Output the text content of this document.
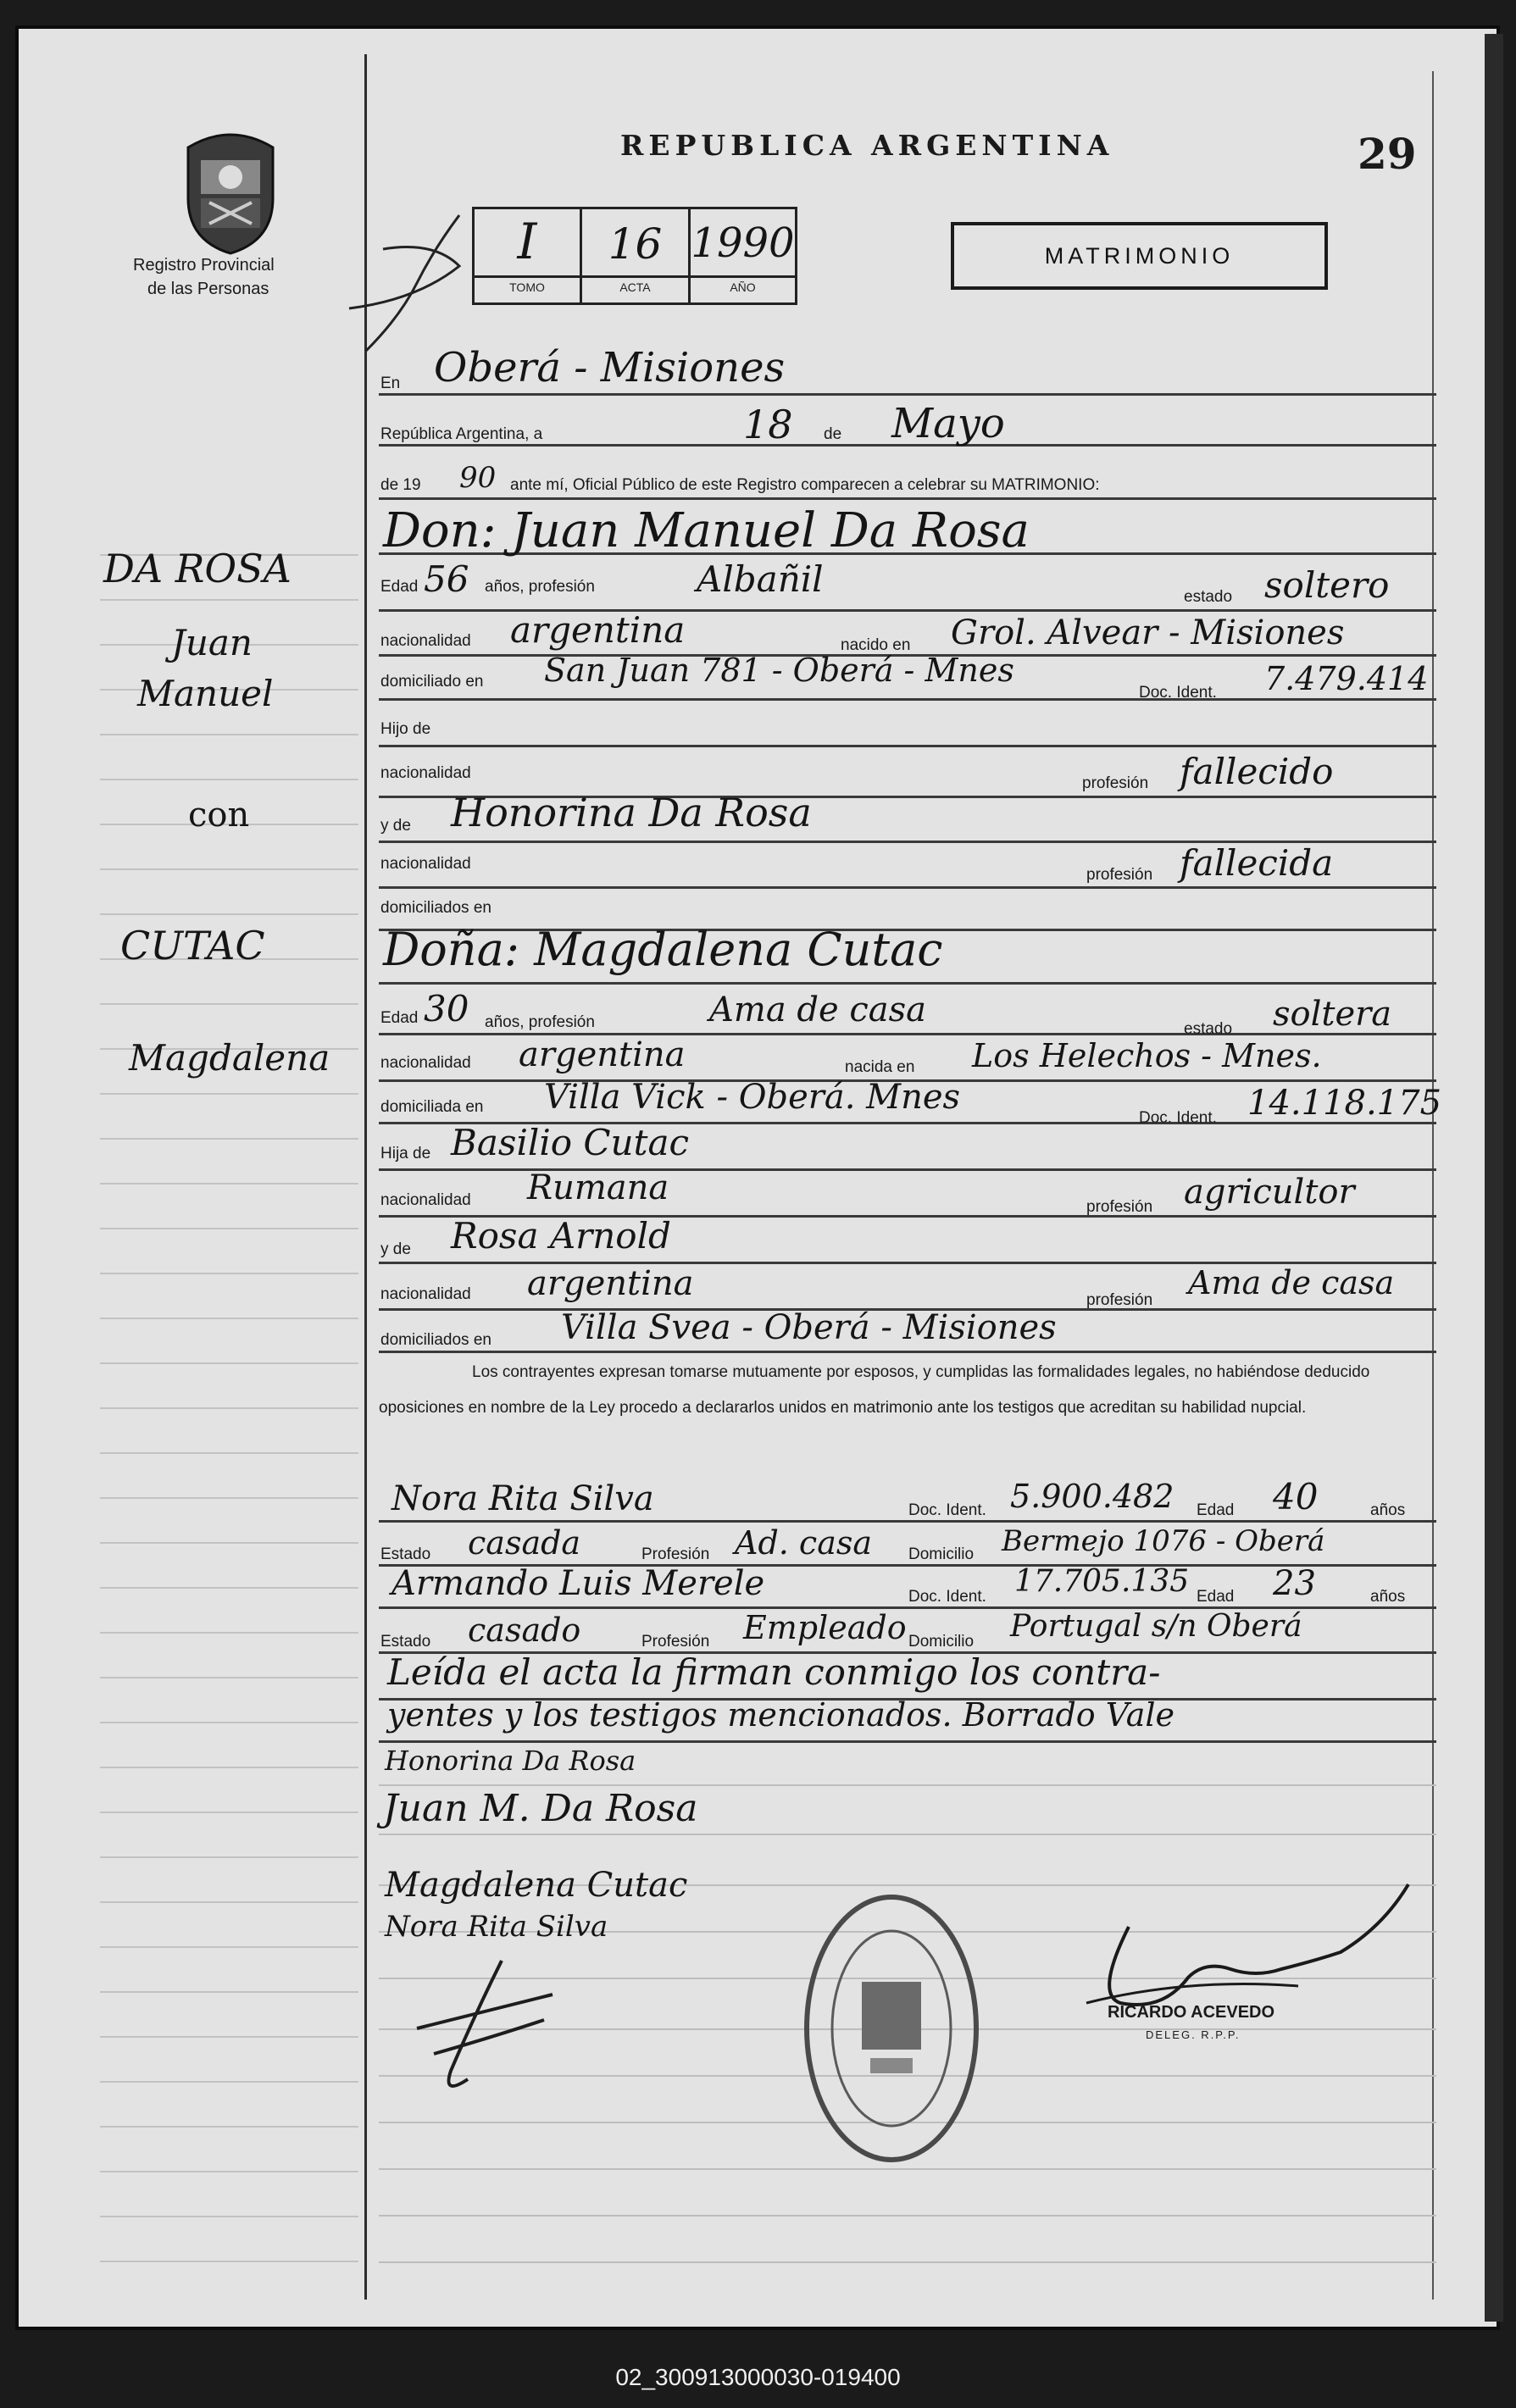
Registro Provincial
de las Personas
REPUBLICA ARGENTINA	29
I	16 1990
TOMO	ACTA	AÑO
MATRIMONIO
DA ROSA
Juan
Manuel
con
CUTAC
Magdalena
En Oberá - Misiones
República Argentina, a	18 de Mayo
de 19 90 ante mí, Oficial Público de este Registro comparecen a celebrar su MATRIMONIO:
Don: Juan Manuel Da Rosa
Edad 56 años, profesión	Albañil	estado soltero
nacionalidad argentina	nacido en Grol. Alvear - Misiones
domiciliado en San Juan 781 - Oberá - Mnes
Doc. Ident. 7.479.414
Hijo de
nacionalidad
profesión fallecido
y de Honorina Da Rosa
nacionalidad
profesión fallecida
domiciliados en
Doña: Magdalena Cutac
Edad 30 años, profesión	Ama de casa	estado soltera
nacionalidad argentina	nacida en Los Helechos - Mnes.
domiciliada en Villa Vick - Oberá. Mnes
Doc. Ident. 14.118.175
Hija de Basilio Cutac
nacionalidad Rumana	profesión agricultor
y de Rosa Arnold
nacionalidad argentina	profesión Ama de casa
domiciliados en Villa Svea - Oberá - Misiones
Los contrayentes expresan tomarse mutuamente por esposos, y cumplidas las formalidades legales, no habiéndose deducido oposiciones en nombre de la Ley procedo a declararlos unidos en matrimonio ante los testigos que acreditan su habilidad nupcial.
Nora Rita Silva	Doc. Ident. 5.900.482 Edad 40	años
Estado casada	Profesión Ad. casa Domicilio Bermejo 1076 - Oberá
Armando Luis Merele	Doc. Ident. 17.705.135 Edad 23	años
Estado casado	Profesión Empleado Domicilio Portugal s/n Oberá
Leída el acta la firman conmigo los contra-
yentes y los testigos mencionados. Borrado Vale
Honorina Da Rosa
Juan M. Da Rosa
Magdalena Cutac
Nora Rita Silva
RICARDO ACEVEDO
DELEG. R.P.P.
02_300913000030-019400
